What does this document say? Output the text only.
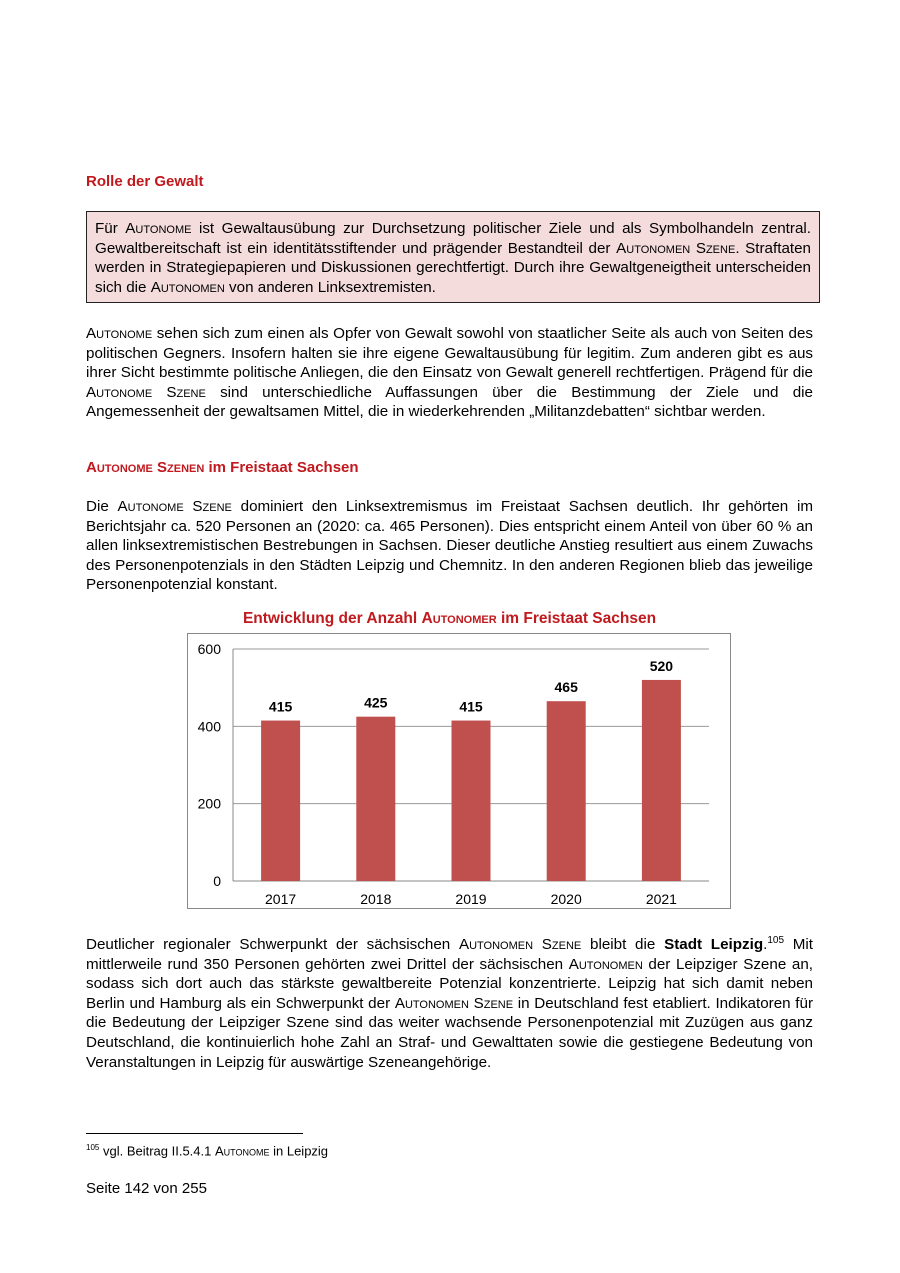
Rolle der Gewalt

Für Autonome ist Gewaltausübung zur Durchsetzung politischer Ziele und als Symbolhandeln zentral. Gewaltbereitschaft ist ein identitätsstiftender und prägender Bestandteil der Autonomen Szene. Straftaten werden in Strategiepapieren und Diskussionen gerechtfertigt. Durch ihre Gewaltgeneigtheit unterscheiden sich die Autonomen von anderen Linksextremisten.

Autonome sehen sich zum einen als Opfer von Gewalt sowohl von staatlicher Seite als auch von Seiten des politischen Gegners. Insofern halten sie ihre eigene Gewaltausübung für legitim. Zum anderen gibt es aus ihrer Sicht bestimmte politische Anliegen, die den Einsatz von Gewalt generell rechtfertigen. Prägend für die Autonome Szene sind unterschiedliche Auffassungen über die Bestimmung der Ziele und die Angemessenheit der gewaltsamen Mittel, die in wiederkehrenden „Militanzdebatten“ sichtbar werden.

Autonome Szenen im Freistaat Sachsen

Die Autonome Szene dominiert den Linksextremismus im Freistaat Sachsen deutlich. Ihr gehörten im Berichtsjahr ca. 520 Personen an (2020: ca. 465 Personen). Dies entspricht einem Anteil von über 60 % an allen linksextremistischen Bestrebungen in Sachsen. Dieser deutliche Anstieg resultiert aus einem Zuwachs des Personenpotenzials in den Städten Leipzig und Chemnitz. In den anderen Regionen blieb das jeweilige Personenpotenzial konstant.

Entwicklung der Anzahl Autonomer im Freistaat Sachsen

0
200
400
600
415
2017
425
2018
415
2019
465
2020
520
2021

Deutlicher regionaler Schwerpunkt der sächsischen Autonomen Szene bleibt die Stadt Leipzig.$^{105}$ Mit mittlerweile rund 350 Personen gehörten zwei Drittel der sächsischen Autonomen der Leipziger Szene an, sodass sich dort auch das stärkste gewaltbereite Potenzial konzentrierte. Leipzig hat sich damit neben Berlin und Hamburg als ein Schwerpunkt der Autonomen Szene in Deutschland fest etabliert. Indikatoren für die Bedeutung der Leipziger Szene sind das weiter wachsende Personenpotenzial mit Zuzügen aus ganz Deutschland, die kontinuierlich hohe Zahl an Straf- und Gewalttaten sowie die gestiegene Bedeutung von Veranstaltungen in Leipzig für auswärtige Szeneangehörige.

$^{105}$ vgl. Beitrag II.5.4.1 Autonome in Leipzig

Seite 142 von 255
